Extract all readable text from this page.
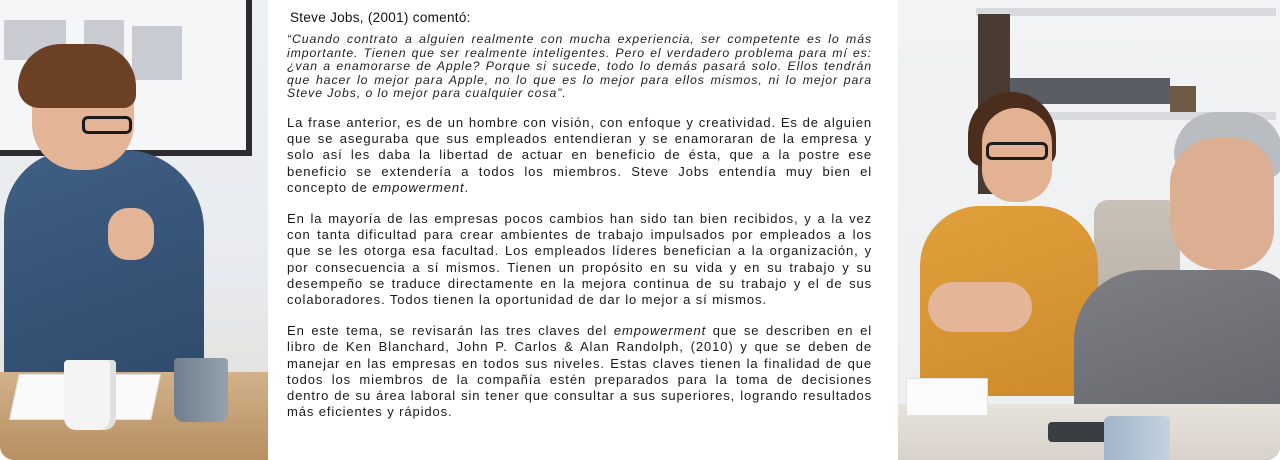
Steve Jobs, (2001) comentó:

“Cuando contrato a alguien realmente con mucha experiencia, ser competente es lo más importante. Tienen que ser realmente inteligentes. Pero el verdadero problema para mí es: ¿van a enamorarse de Apple? Porque si sucede, todo lo demás pasará solo. Ellos tendrán que hacer lo mejor para Apple, no lo que es lo mejor para ellos mismos, ni lo mejor para Steve Jobs, o lo mejor para cualquier cosa”.

La frase anterior, es de un hombre con visión, con enfoque y creatividad. Es de alguien que se aseguraba que sus empleados entendieran y se enamoraran de la empresa y solo así les daba la libertad de actuar en beneficio de ésta, que a la postre ese beneficio se extendería a todos los miembros. Steve Jobs entendía muy bien el concepto de empowerment.

En la mayoría de las empresas pocos cambios han sido tan bien recibidos, y a la vez con tanta dificultad para crear ambientes de trabajo impulsados por empleados a los que se les otorga esa facultad. Los empleados líderes benefician a la organización, y por consecuencia a sí mismos. Tienen un propósito en su vida y en su trabajo y su desempeño se traduce directamente en la mejora continua de su trabajo y el de sus colaboradores. Todos tienen la oportunidad de dar lo mejor a sí mismos.

En este tema, se revisarán las tres claves del empowerment que se describen en el libro de Ken Blanchard, John P. Carlos & Alan Randolph, (2010) y que se deben de manejar en las empresas en todos sus niveles. Estas claves tienen la finalidad de que todos los miembros de la compañía estén preparados para la toma de decisiones dentro de su área laboral sin tener que consultar a sus superiores, logrando resultados más eficientes y rápidos.
